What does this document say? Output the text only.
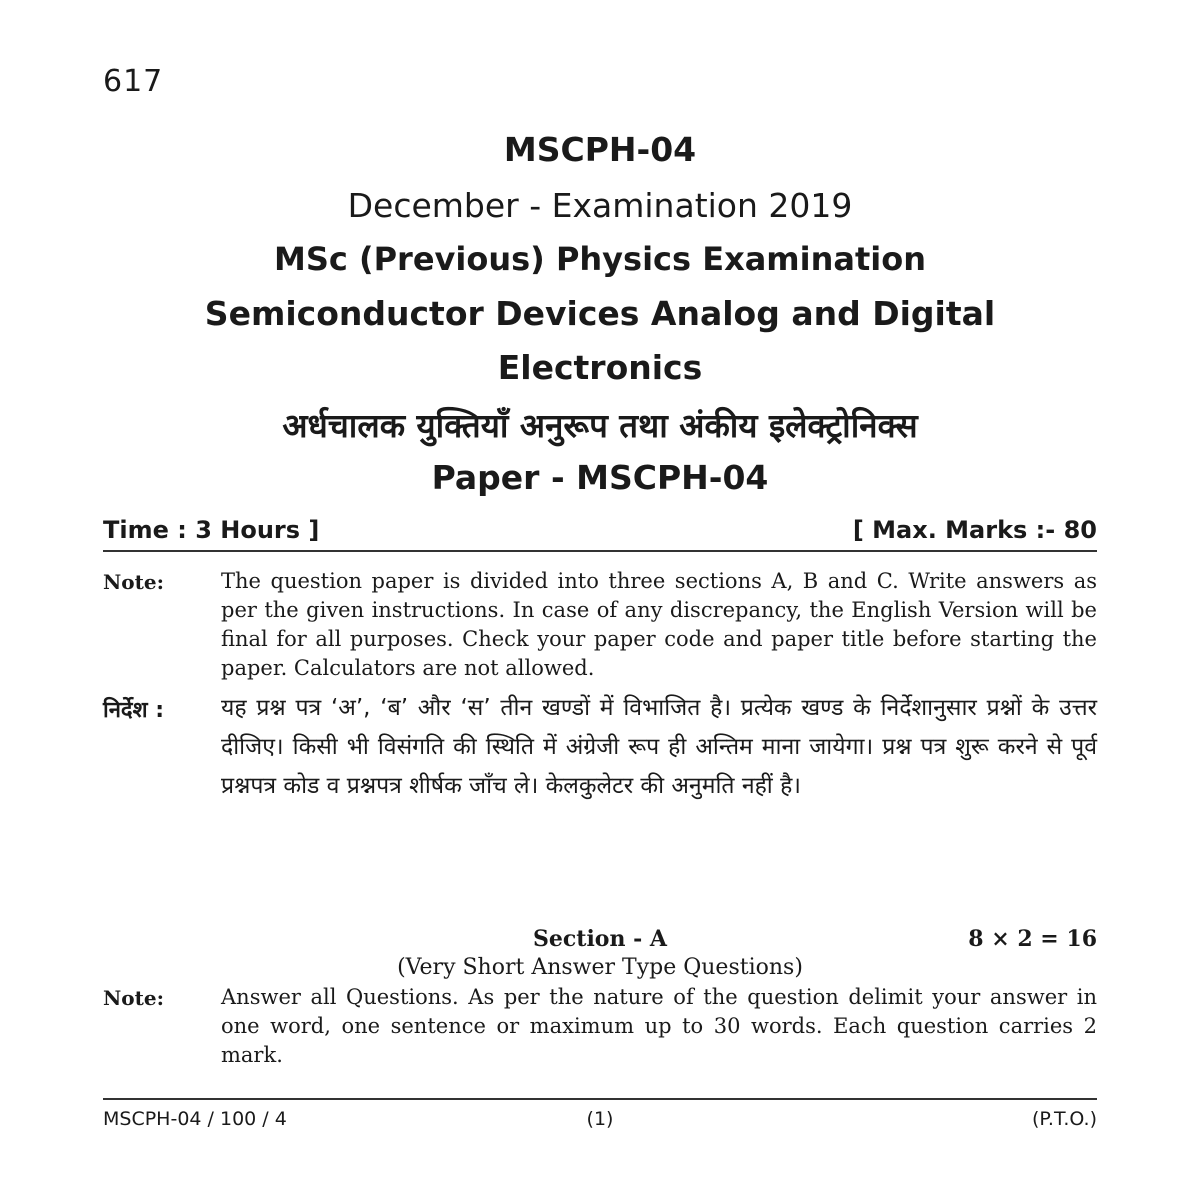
617
MSCPH-04
December - Examination 2019
MSc (Previous) Physics Examination
Semiconductor Devices Analog and Digital
Electronics
अर्धचालक युक्तियाँ अनुरूप तथा अंकीय इलेक्ट्रोनिक्स
Paper - MSCPH-04
Time : 3 Hours ]	[ Max. Marks :- 80
Note:	The question paper is divided into three sections A, B and C. Write answers as per the given instructions. In case of any discrepancy, the English Version will be final for all purposes. Check your paper code and paper title before starting the paper. Calculators are not allowed.
निर्देश : यह प्रश्न पत्र ‘अ’, ‘ब’ और ‘स’ तीन खण्डों में विभाजित है। प्रत्येक खण्ड के निर्देशानुसार प्रश्नों के उत्तर दीजिए। किसी भी विसंगति की स्थिति में अंग्रेजी रूप ही अन्तिम माना जायेगा। प्रश्न पत्र शुरू करने से पूर्व प्रश्नपत्र कोड व प्रश्नपत्र शीर्षक जाँच ले। केलकुलेटर की अनुमति नहीं है।
Section - A	8 × 2 = 16
(Very Short Answer Type Questions)
Note:	Answer all Questions. As per the nature of the question delimit your answer in one word, one sentence or maximum up to 30 words. Each question carries 2 mark.
MSCPH-04 / 100 / 4	(1)	(P.T.O.)
